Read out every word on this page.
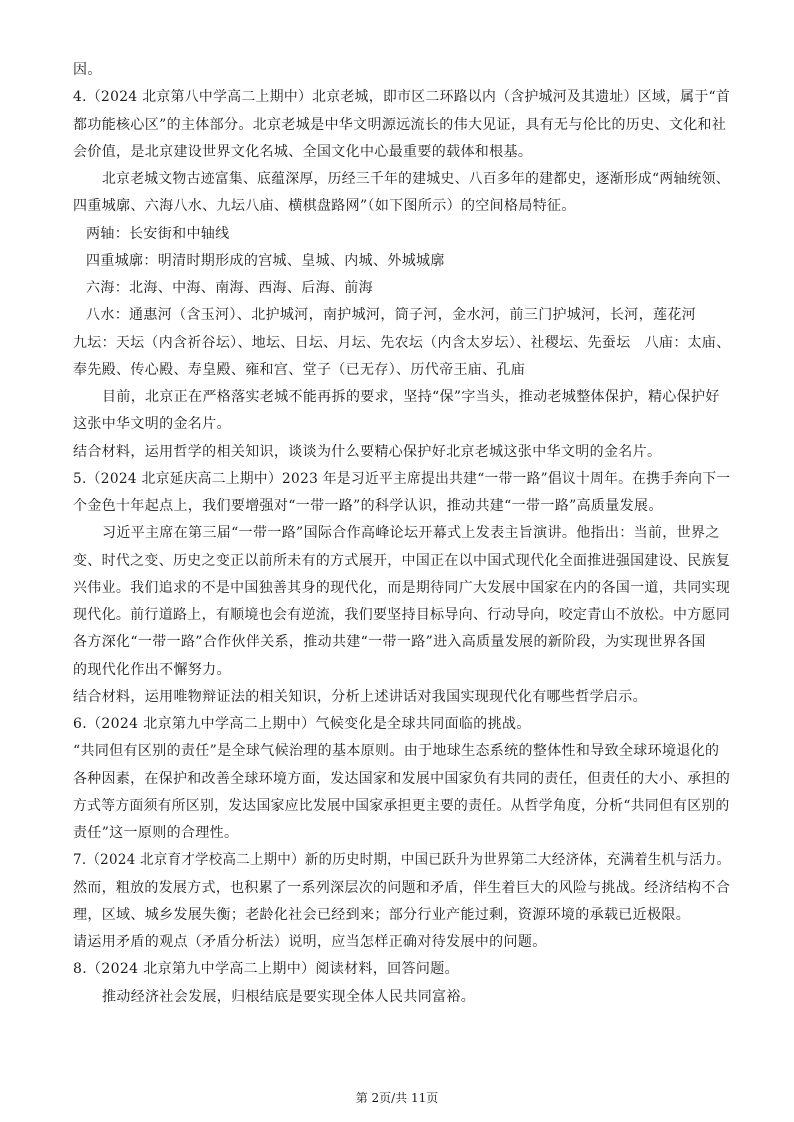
因。
4.（2024 北京第八中学高二上期中）北京老城，即市区二环路以内（含护城河及其遗址）区域，属于“首
都功能核心区”的主体部分。北京老城是中华文明源远流长的伟大见证，具有无与伦比的历史、文化和社
会价值，是北京建设世界文化名城、全国文化中心最重要的载体和根基。
北京老城文物古迹富集、底蕴深厚，历经三千年的建城史、八百多年的建都史，逐渐形成“两轴统领、
四重城廓、六海八水、九坛八庙、横棋盘路网”（如下图所示）的空间格局特征。
两轴：长安街和中轴线
四重城廓：明清时期形成的宫城、皇城、内城、外城城廓
六海：北海、中海、南海、西海、后海、前海
八水：通惠河（含玉河）、北护城河，南护城河，筒子河，金水河，前三门护城河，长河，莲花河
九坛：天坛（内含祈谷坛）、地坛、日坛、月坛、先农坛（内含太岁坛）、社稷坛、先蚕坛　八庙：太庙、
奉先殿、传心殿、寿皇殿、雍和宫、堂子（已无存）、历代帝王庙、孔庙
目前，北京正在严格落实老城不能再拆的要求，坚持“保”字当头，推动老城整体保护，精心保护好
这张中华文明的金名片。
结合材料，运用哲学的相关知识，谈谈为什么要精心保护好北京老城这张中华文明的金名片。
5.（2024 北京延庆高二上期中）2023 年是习近平主席提出共建“一带一路”倡议十周年。在携手奔向下一
个金色十年起点上，我们要增强对“一带一路”的科学认识，推动共建“一带一路”高质量发展。
习近平主席在第三届“一带一路”国际合作高峰论坛开幕式上发表主旨演讲。他指出：当前，世界之
变、时代之变、历史之变正以前所未有的方式展开，中国正在以中国式现代化全面推进强国建设、民族复
兴伟业。我们追求的不是中国独善其身的现代化，而是期待同广大发展中国家在内的各国一道，共同实现
现代化。前行道路上，有顺境也会有逆流，我们要坚持目标导向、行动导向，咬定青山不放松。中方愿同
各方深化“一带一路”合作伙伴关系，推动共建“一带一路”进入高质量发展的新阶段，为实现世界各国
的现代化作出不懈努力。
结合材料，运用唯物辩证法的相关知识，分析上述讲话对我国实现现代化有哪些哲学启示。
6.（2024 北京第九中学高二上期中）气候变化是全球共同面临的挑战。
“共同但有区别的责任”是全球气候治理的基本原则。由于地球生态系统的整体性和导致全球环境退化的
各种因素，在保护和改善全球环境方面，发达国家和发展中国家负有共同的责任，但责任的大小、承担的
方式等方面须有所区别，发达国家应比发展中国家承担更主要的责任。从哲学角度，分析“共同但有区别的
责任”这一原则的合理性。
7.（2024 北京育才学校高二上期中）新的历史时期，中国已跃升为世界第二大经济体，充满着生机与活力。
然而，粗放的发展方式，也积累了一系列深层次的问题和矛盾，伴生着巨大的风险与挑战。经济结构不合
理，区域、城乡发展失衡；老龄化社会已经到来；部分行业产能过剩，资源环境的承载已近极限。
请运用矛盾的观点（矛盾分析法）说明，应当怎样正确对待发展中的问题。
8.（2024 北京第九中学高二上期中）阅读材料，回答问题。
推动经济社会发展，归根结底是要实现全体人民共同富裕。
第 2页/共 11页
